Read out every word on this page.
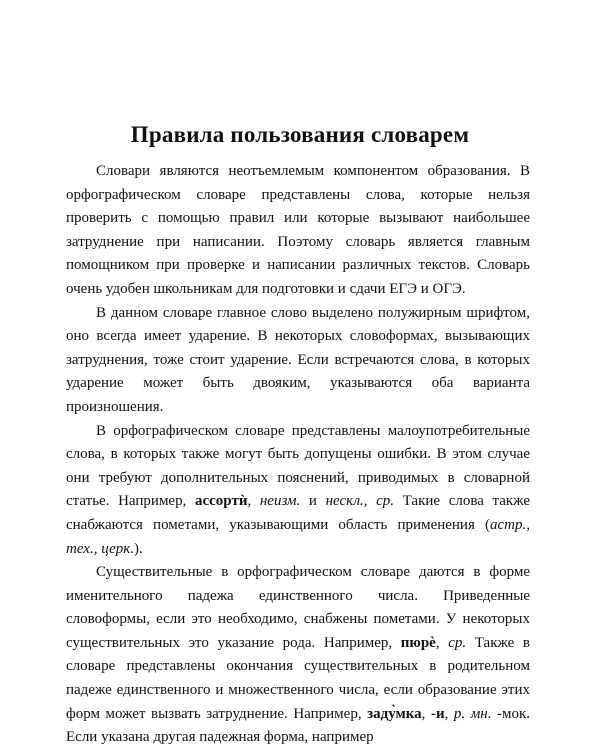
Правила пользования словарем

Словари являются неотъемлемым компонентом образования. В орфографическом словаре представлены слова, которые нельзя проверить с помощью правил или которые вызывают наибольшее затруднение при написании. Поэтому словарь является главным помощником при проверке и написании различных текстов. Словарь очень удобен школьникам для подготовки и сдачи ЕГЭ и ОГЭ.

В данном словаре главное слово выделено полужирным шрифтом, оно всегда имеет ударение. В некоторых словоформах, вызывающих затруднения, тоже стоит ударение. Если встречаются слова, в которых ударение может быть двояким, указываются оба варианта произношения.

В орфографическом словаре представлены малоупотребительные слова, в которых также могут быть допущены ошибки. В этом случае они требуют дополнительных пояснений, приводимых в словарной статье. Например, ассортѝ, неизм. и нескл., ср. Такие слова также снабжаются пометами, указывающими область применения (астр., тех., церк.).

Существительные в орфографическом словаре даются в форме именительного падежа единственного числа. Приведенные словоформы, если это необходимо, снабжены пометами. У некоторых существительных это указание рода. Например, пюрѐ, ср. Также в словаре представлены окончания существительных в родительном падеже единственного и множественного числа, если образование этих форм может вызвать затруднение. Например, заду̀мка, -и, р. мн. -мок. Если указана другая падежная форма, например
